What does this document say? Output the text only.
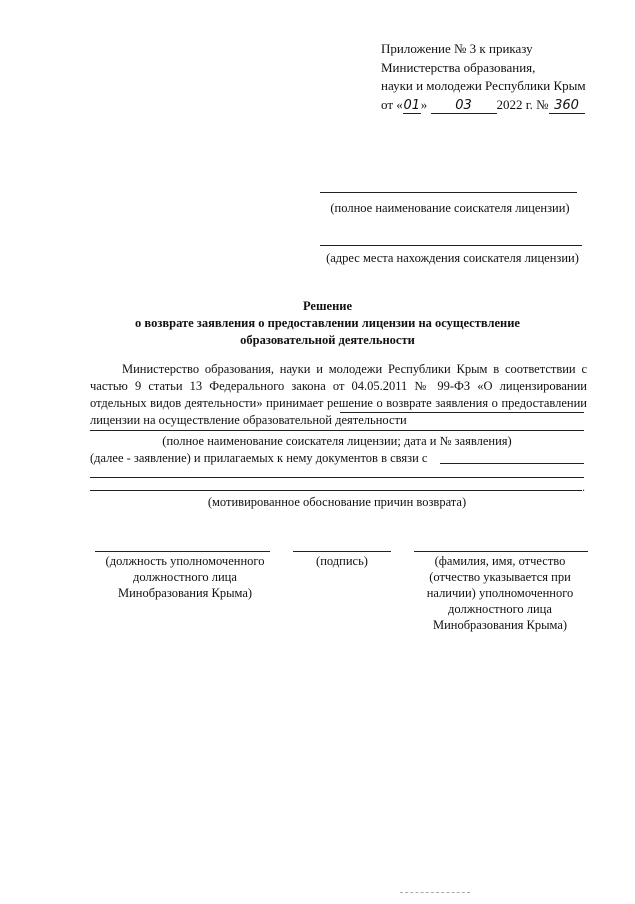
Приложение № 3 к приказу
Министерства образования,
науки и молодежи Республики Крым
от «01» 03 2022 г. № 360
(полное наименование соискателя лицензии)
(адрес места нахождения соискателя лицензии)
Решение
о возврате заявления о предоставлении лицензии на осуществление
образовательной деятельности
Министерство образования, науки и молодежи Республики Крым в соответствии с частью 9 статьи 13 Федерального закона от 04.05.2011 № 99-ФЗ «О лицензировании отдельных видов деятельности» принимает решение о возврате заявления о предоставлении лицензии на осуществление образовательной деятельности
(полное наименование соискателя лицензии; дата и № заявления)
(далее - заявление) и прилагаемых к нему документов в связи с
.
(мотивированное обоснование причин возврата)
(должность уполномоченного должностного лица Минобразования Крыма)
(подпись)	(фамилия, имя, отчество (отчество указывается при наличии) уполномоченного должностного лица Минобразования Крыма)
